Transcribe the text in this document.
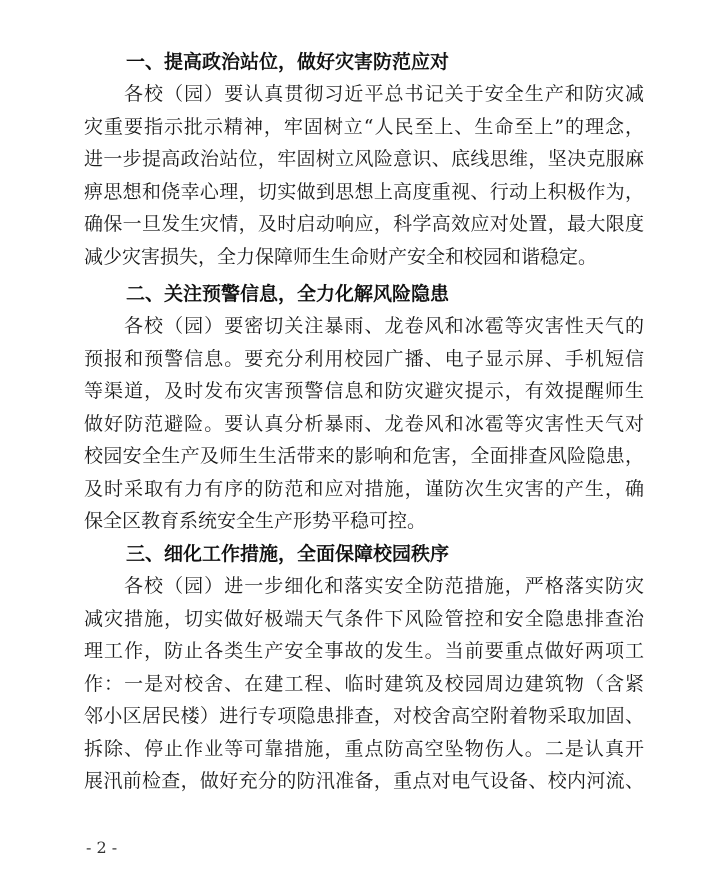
一、提高政治站位，做好灾害防范应对

各校（园）要认真贯彻习近平总书记关于安全生产和防灾减
灾重要指示批示精神，牢固树立“人民至上、生命至上”的理念，
进一步提高政治站位，牢固树立风险意识、底线思维，坚决克服麻
痹思想和侥幸心理，切实做到思想上高度重视、行动上积极作为，
确保一旦发生灾情，及时启动响应，科学高效应对处置，最大限度
减少灾害损失，全力保障师生生命财产安全和校园和谐稳定。

二、关注预警信息，全力化解风险隐患

各校（园）要密切关注暴雨、龙卷风和冰雹等灾害性天气的
预报和预警信息。要充分利用校园广播、电子显示屏、手机短信
等渠道，及时发布灾害预警信息和防灾避灾提示，有效提醒师生
做好防范避险。要认真分析暴雨、龙卷风和冰雹等灾害性天气对
校园安全生产及师生生活带来的影响和危害，全面排查风险隐患，
及时采取有力有序的防范和应对措施，谨防次生灾害的产生，确
保全区教育系统安全生产形势平稳可控。

三、细化工作措施，全面保障校园秩序

各校（园）进一步细化和落实安全防范措施，严格落实防灾
减灾措施，切实做好极端天气条件下风险管控和安全隐患排查治
理工作，防止各类生产安全事故的发生。当前要重点做好两项工
作：一是对校舍、在建工程、临时建筑及校园周边建筑物（含紧
邻小区居民楼）进行专项隐患排查，对校舍高空附着物采取加固、
拆除、停止作业等可靠措施，重点防高空坠物伤人。二是认真开
展汛前检查，做好充分的防汛准备，重点对电气设备、校内河流、

- 2 -
